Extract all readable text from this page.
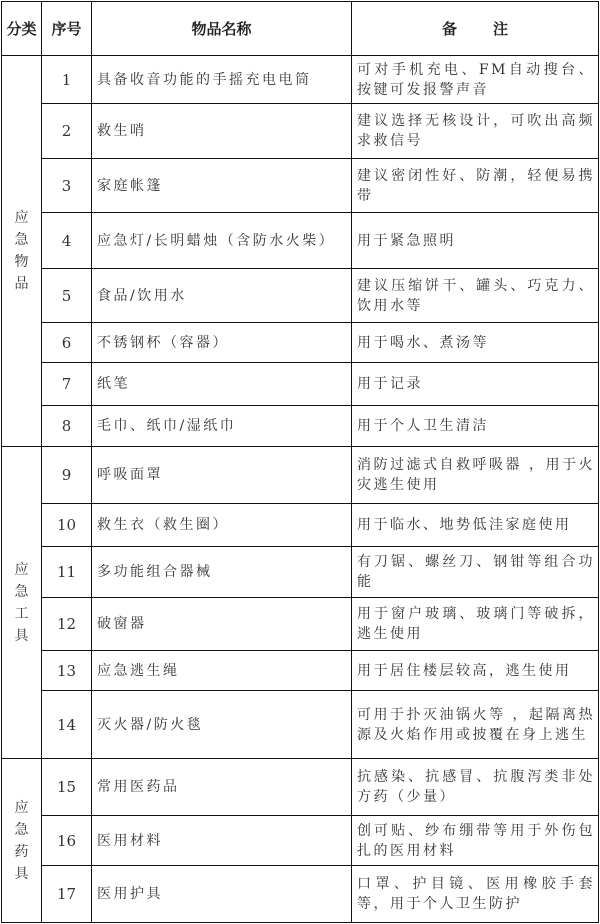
分类	序号	物品名称	备 注
应急物品	1	具备收音功能的手摇充电电筒	可对手机充电、FM自动搜台、按键可发报警声音
	2	救生哨	建议选择无核设计，可吹出高频求救信号
	3	家庭帐篷	建议密闭性好、防潮，轻便易携带
	4	应急灯/长明蜡烛（含防水火柴）	用于紧急照明
	5	食品/饮用水	建议压缩饼干、罐头、巧克力、饮用水等
	6	不锈钢杯（容器）	用于喝水、煮汤等
	7	纸笔	用于记录
	8	毛巾、纸巾/湿纸巾	用于个人卫生清洁
应急工具	9	呼吸面罩	消防过滤式自救呼吸器 ，用于火灾逃生使用
	10	救生衣（救生圈）	用于临水、地势低洼家庭使用
	11	多功能组合器械	有刀锯、螺丝刀、钢钳等组合功能
	12	破窗器	用于窗户玻璃、玻璃门等破拆，逃生使用
	13	应急逃生绳	用于居住楼层较高，逃生使用
	14	灭火器/防火毯	可用于扑灭油锅火等 ，起隔离热源及火焰作用或披覆在身上逃生
应急药具	15	常用医药品	抗感染、抗感冒、抗腹泻类非处方药（少量）
	16	医用材料	创可贴、纱布绷带等用于外伤包扎的医用材料
	17	医用护具	口罩、护目镜、医用橡胶手套等，用于个人卫生防护
